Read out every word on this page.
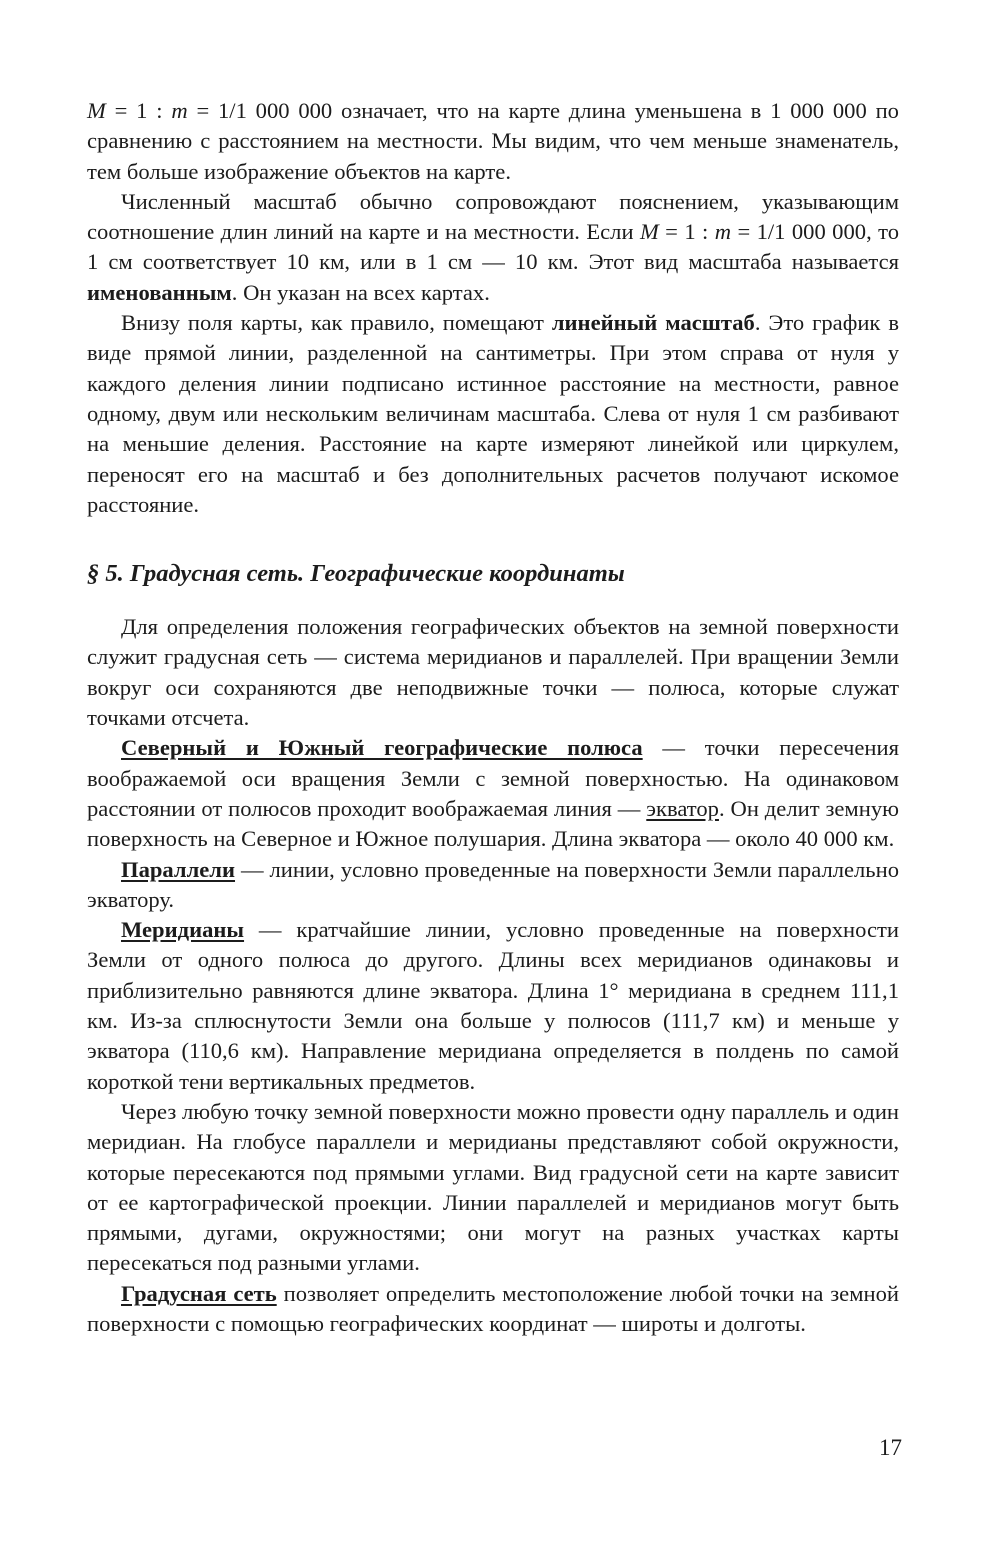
M = 1 : m = 1/1 000 000 означает, что на карте длина уменьшена в 1 000 000 по сравнению с расстоянием на местности. Мы видим, что чем меньше знаменатель, тем больше изображение объектов на карте.

Численный масштаб обычно сопровождают пояснением, указывающим соотношение длин линий на карте и на местности. Если M = 1 : m = 1/1 000 000, то 1 см соответствует 10 км, или в 1 см — 10 км. Этот вид масштаба называется именованным. Он указан на всех картах.

Внизу поля карты, как правило, помещают линейный масштаб. Это график в виде прямой линии, разделенной на сантиметры. При этом справа от нуля у каждого деления линии подписано истинное расстояние на местности, равное одному, двум или нескольким величинам масштаба. Слева от нуля 1 см разбивают на меньшие деления. Расстояние на карте измеряют линейкой или циркулем, переносят его на масштаб и без дополнительных расчетов получают искомое расстояние.

§ 5. Градусная сеть. Географические координаты

Для определения положения географических объектов на земной поверхности служит градусная сеть — система меридианов и параллелей. При вращении Земли вокруг оси сохраняются две неподвижные точки — полюса, которые служат точками отсчета.

Северный и Южный географические полюса — точки пересечения воображаемой оси вращения Земли с земной поверхностью. На одинаковом расстоянии от полюсов проходит воображаемая линия — экватор. Он делит земную поверхность на Северное и Южное полушария. Длина экватора — около 40 000 км.

Параллели — линии, условно проведенные на поверхности Земли параллельно экватору.

Меридианы — кратчайшие линии, условно проведенные на поверхности Земли от одного полюса до другого. Длины всех меридианов одинаковы и приблизительно равняются длине экватора. Длина 1° меридиана в среднем 111,1 км. Из-за сплюснутости Земли она больше у полюсов (111,7 км) и меньше у экватора (110,6 км). Направление меридиана определяется в полдень по самой короткой тени вертикальных предметов.

Через любую точку земной поверхности можно провести одну параллель и один меридиан. На глобусе параллели и меридианы представляют собой окружности, которые пересекаются под прямыми углами. Вид градусной сети на карте зависит от ее картографической проекции. Линии параллелей и меридианов могут быть прямыми, дугами, окружностями; они могут на разных участках карты пересекаться под разными углами.

Градусная сеть позволяет определить местоположение любой точки на земной поверхности с помощью географических координат — широты и долготы.

17
